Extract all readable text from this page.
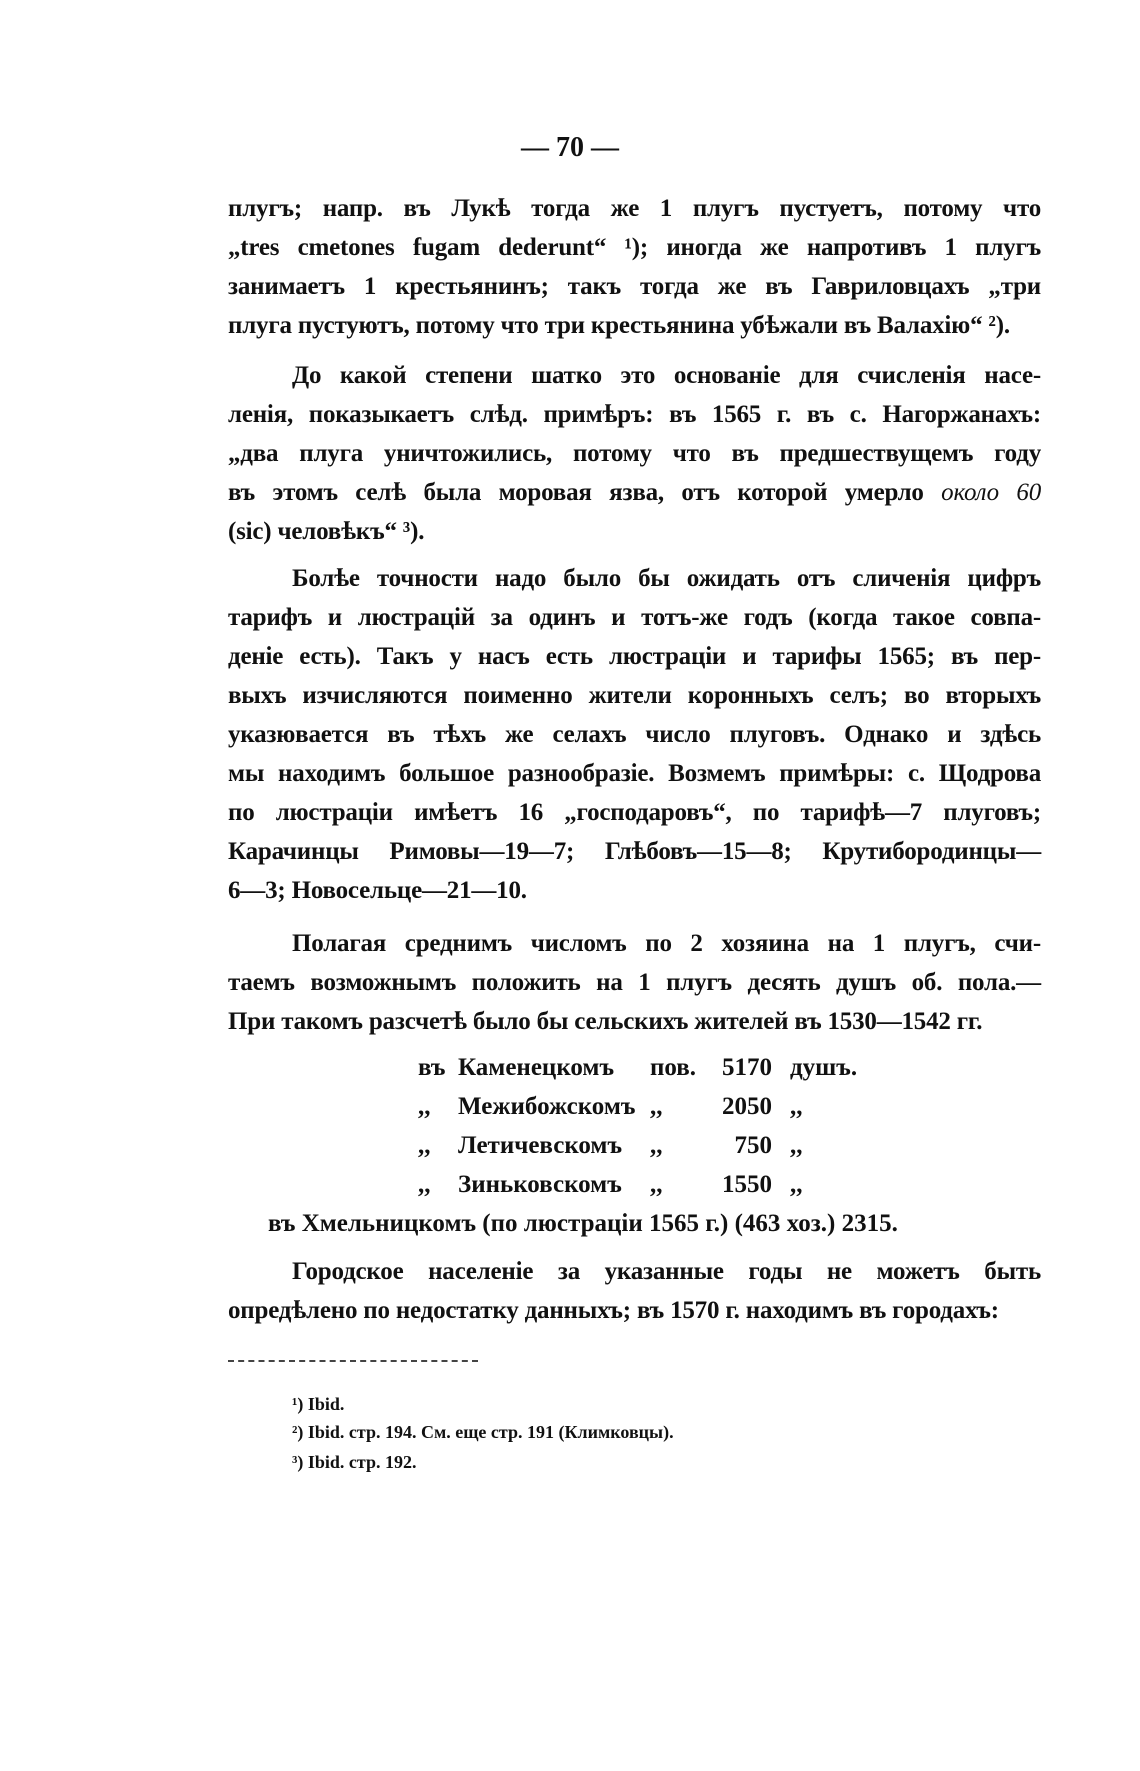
— 70 —
плугъ; напр. въ Лукѣ тогда же 1 плугъ пустуетъ, потому что
„tres cmetones fugam dederunt“ ¹); иногда же напротивъ 1 плугъ
занимаетъ 1 крестьянинъ; такъ тогда же въ Гавриловцахъ „три
плуга пустуютъ, потому что три крестьянина убѣжали въ Валахію“ ²).
До какой степени шатко это основаніе для счисленія насе-
ленія, показыкаетъ слѣд. примѣръ: въ 1565 г. въ с. Нагоржанахъ:
„два плуга уничтожились, потому что въ предшествущемъ году
въ этомъ селѣ была моровая язва, отъ которой умерло около 60
(sic) человѣкъ“ ³).
Болѣе точности надо было бы ожидать отъ сличенія цифръ
тарифъ и люстрацій за одинъ и тотъ-же годъ (когда такое совпа-
деніе есть). Такъ у насъ есть люстраціи и тарифы 1565; въ пер-
выхъ изчисляются поименно жители коронныхъ селъ; во вторыхъ
указювается въ тѣхъ же селахъ число плуговъ. Однако и здѣсь
мы находимъ большое разнообразіе. Возмемъ примѣры: с. Щодрова
по люстраціи имѣетъ 16 „господаровъ“, по тарифѣ—7 плуговъ;
Карачинцы Римовы—19—7; Глѣбовъ—15—8; Крутибородинцы—
6—3; Новосельце—21—10.
Полагая среднимъ числомъ по 2 хозяина на 1 плугъ, счи-
таемъ возможнымъ положить на 1 плугъ десять душъ об. пола.—
При такомъ разсчетѣ было бы сельскихъ жителей въ 1530—1542 гг.
въ Каменецкомъ пов.	5170 душъ.
,, Межибожскомъ ,,	2050 ,,
,, Летичевскомъ ,,	750 ,,
,, Зиньковскомъ ,,	1550 ,,
въ Хмельницкомъ (по люстраціи 1565 г.) (463 хоз.) 2315.
Городское населеніе за указанные годы не можетъ быть
опредѣлено по недостатку данныхъ; въ 1570 г. находимъ въ городахъ:
¹) Ibid.
²) Ibid. стр. 194. См. еще стр. 191 (Климковцы).
³) Ibid. стр. 192.
